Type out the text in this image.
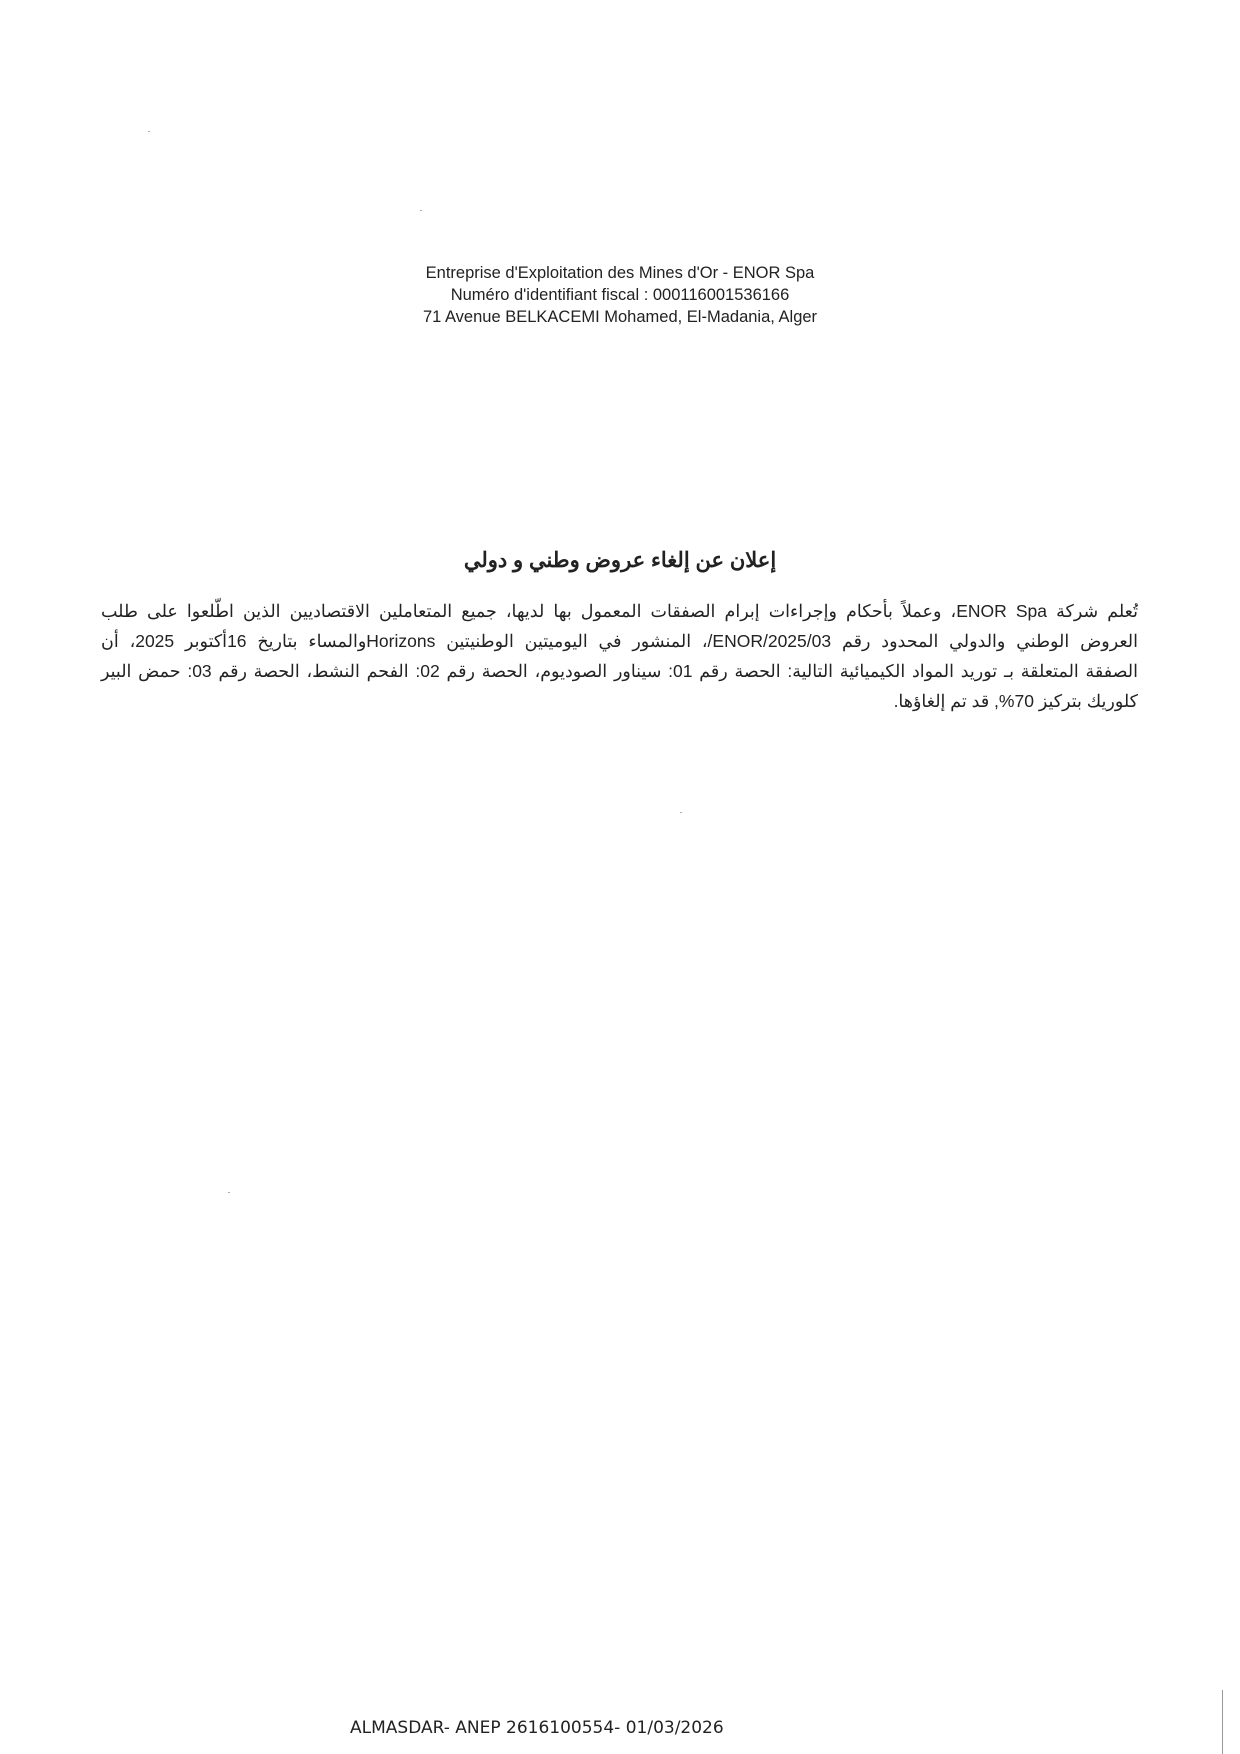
Entreprise d'Exploitation des Mines d'Or - ENOR Spa
Numéro d'identifiant fiscal : 000116001536166
71 Avenue BELKACEMI Mohamed, El-Madania, Alger
إعلان عن إلغاء عروض وطني و دولي
تُعلم شركة ENOR Spa، وعملاً بأحكام وإجراءات إبرام الصفقات المعمول بها لديها، جميع المتعاملين الاقتصاديين الذين اطّلعوا على طلب
العروض الوطني والدولي المحدود رقم ENOR/2025/03/، المنشور في اليوميتين الوطنيتين Horizonsوالمساء بتاريخ 16أكتوبر 2025، أن
الصفقة المتعلقة بـ توريد المواد الكيميائية التالية: الحصة رقم 01: سيناور الصوديوم، الحصة رقم 02: الفحم النشط، الحصة رقم 03: حمض البير
كلوريك بتركيز 70%, قد تم إلغاؤها.
ALMASDAR- ANEP 2616100554- 01/03/2026
